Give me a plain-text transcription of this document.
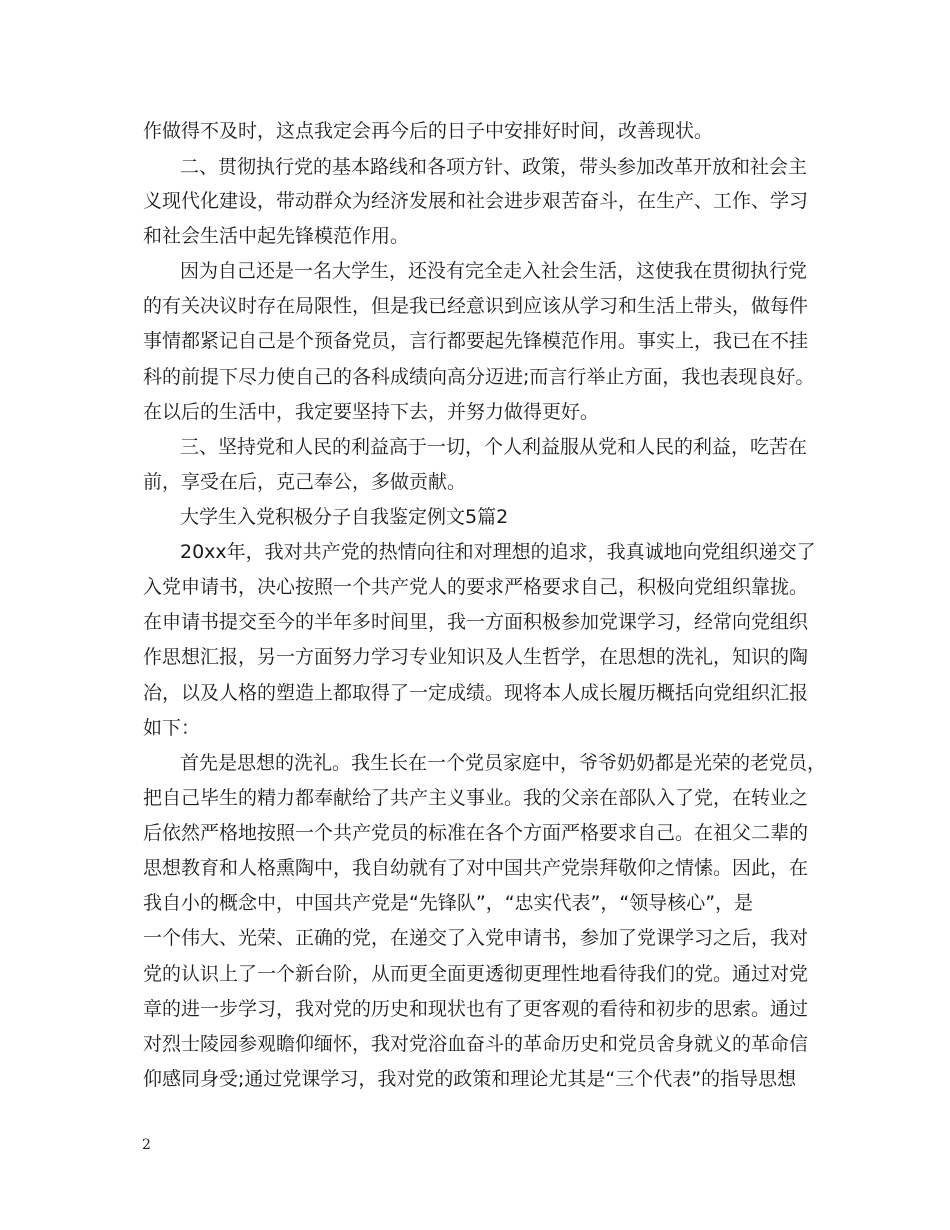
作做得不及时，这点我定会再今后的日子中安排好时间，改善现状。
二、贯彻执行党的基本路线和各项方针、政策，带头参加改革开放和社会主
义现代化建设，带动群众为经济发展和社会进步艰苦奋斗，在生产、工作、学习
和社会生活中起先锋模范作用。
因为自己还是一名大学生，还没有完全走入社会生活，这使我在贯彻执行党
的有关决议时存在局限性，但是我已经意识到应该从学习和生活上带头，做每件
事情都紧记自己是个预备党员，言行都要起先锋模范作用。事实上，我已在不挂
科的前提下尽力使自己的各科成绩向高分迈进;而言行举止方面，我也表现良好。
在以后的生活中，我定要坚持下去，并努力做得更好。
三、坚持党和人民的利益高于一切，个人利益服从党和人民的利益，吃苦在
前，享受在后，克己奉公，多做贡献。
大学生入党积极分子自我鉴定例文5篇2
20xx年，我对共产党的热情向往和对理想的追求，我真诚地向党组织递交了
入党申请书，决心按照一个共产党人的要求严格要求自己，积极向党组织靠拢。
在申请书提交至今的半年多时间里，我一方面积极参加党课学习，经常向党组织
作思想汇报，另一方面努力学习专业知识及人生哲学，在思想的洗礼，知识的陶
冶，以及人格的塑造上都取得了一定成绩。现将本人成长履历概括向党组织汇报
如下：
首先是思想的洗礼。我生长在一个党员家庭中，爷爷奶奶都是光荣的老党员，
把自己毕生的精力都奉献给了共产主义事业。我的父亲在部队入了党，在转业之
后依然严格地按照一个共产党员的标准在各个方面严格要求自己。在祖父二辈的
思想教育和人格熏陶中，我自幼就有了对中国共产党崇拜敬仰之情愫。因此，在
我自小的概念中，中国共产党是“先锋队”，“忠实代表”，“领导核心”，是
一个伟大、光荣、正确的党，在递交了入党申请书，参加了党课学习之后，我对
党的认识上了一个新台阶，从而更全面更透彻更理性地看待我们的党。通过对党
章的进一步学习，我对党的历史和现状也有了更客观的看待和初步的思索。通过
对烈士陵园参观瞻仰缅怀，我对党浴血奋斗的革命历史和党员舍身就义的革命信
仰感同身受;通过党课学习，我对党的政策和理论尤其是“三个代表”的指导思想
2
